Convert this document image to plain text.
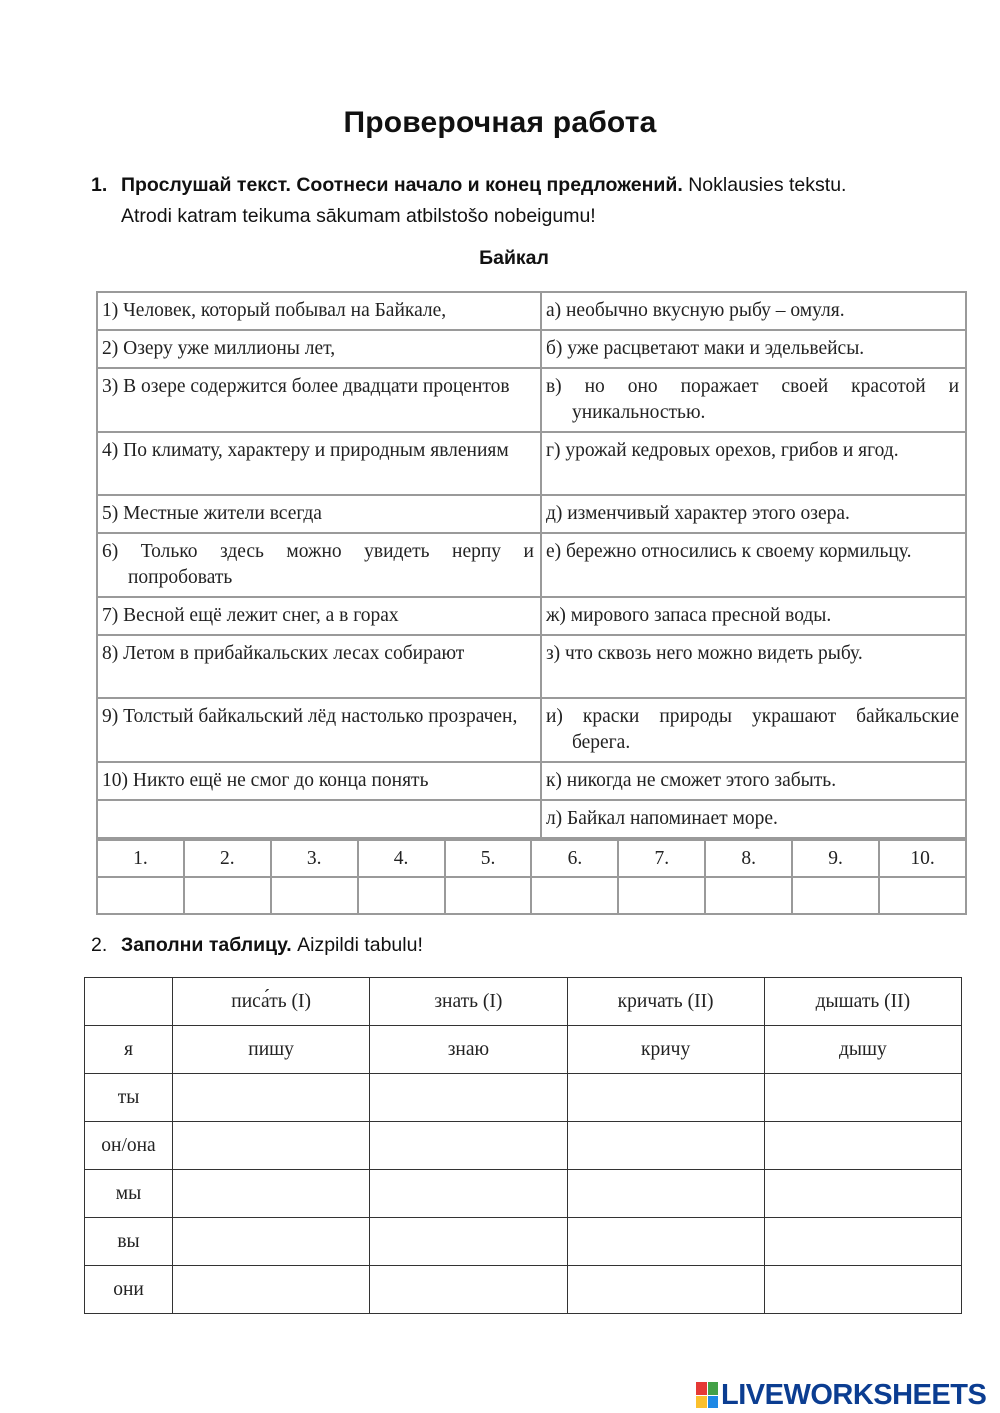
Проверочная работа
1. Прослушай текст. Соотнеси начало и конец предложений. Noklausies tekstu.
Atrodi katram teikuma sākumam atbilstošo nobeigumu!
Байкал
1) Человек, который побывал на Байкале,	а) необычно вкусную рыбу – омуля.

2) Озеру уже миллионы лет,	б) уже расцветают маки и эдельвейсы.

3) В озере содержится более двадцати процентов	в) но оно поражает своей красотой и уникальностью.

4) По климату, характеру и природным явлениям	г) урожай кедровых орехов, грибов и ягод.

5) Местные жители всегда	д) изменчивый характер этого озера.

6) Только здесь можно увидеть нерпу и попробовать	е) бережно относились к своему кормильцу.

7) Весной ещё лежит снег, а в горах	ж) мирового запаса пресной воды.

8) Летом в прибайкальских лесах собирают	з) что сквозь него можно видеть рыбу.

9) Толстый байкальский лёд настолько прозрачен,	и) краски природы украшают байкальские берега.

10) Никто ещё не смог до конца понять	к) никогда не сможет этого забыть.

	л) Байкал напоминает море.
1.	2.	3.	4.	5.	6.	7.	8.	9.	10.

2. Заполни таблицу. Aizpildi tabulu!
	писа́ть (I)	знать (I)	кричать (II)	дышать (II)
я	пишу	знаю	кричу	дышу
ты				
он/она				
мы				
вы				
они				
LIVEWORKSHEETS
